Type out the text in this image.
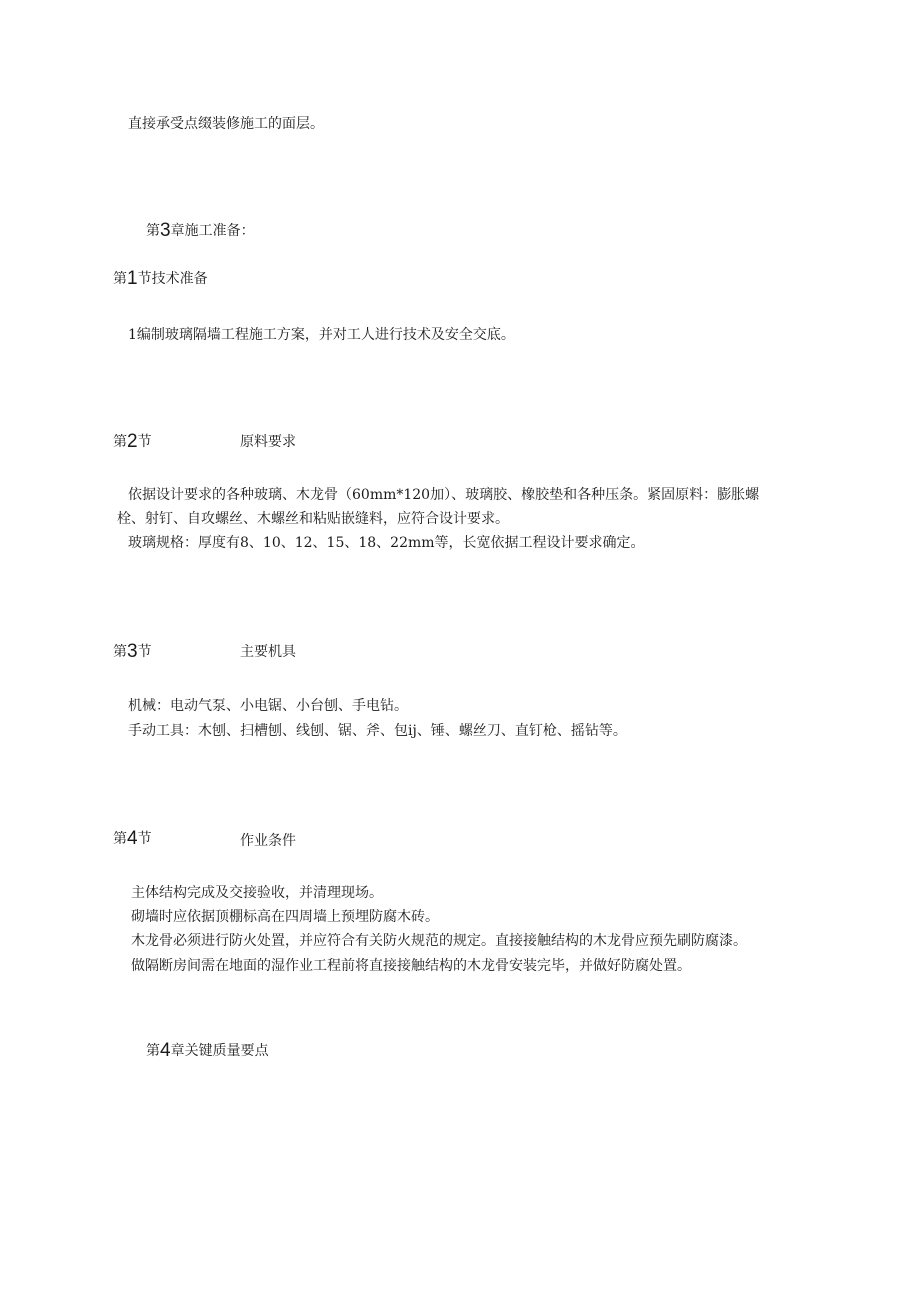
直接承受点缀装修施工的面层。
第3章施工准备：
第1节技术准备
1编制玻璃隔墙工程施工方案，并对工人进行技术及安全交底。
第2节	原料要求
依据设计要求的各种玻璃、木龙骨（60mm*120加）、玻璃胶、橡胶垫和各种压条。紧固原料：膨胀螺
栓、射钉、自攻螺丝、木螺丝和粘贴嵌缝料，应符合设计要求。
玻璃规格：厚度有8、10、12、15、18、22mm等，长宽依据工程设计要求确定。
第3节	主要机具
机械：电动气泵、小电锯、小台刨、手电钻。
手动工具：木刨、扫槽刨、线刨、锯、斧、包ij、锤、螺丝刀、直钉枪、摇钻等。
第4节	作业条件
主体结构完成及交接验收，并清理现场。
砌墙时应依据顶棚标高在四周墙上预埋防腐木砖。
木龙骨必须进行防火处置，并应符合有关防火规范的规定。直接接触结构的木龙骨应预先刷防腐漆。
做隔断房间需在地面的湿作业工程前将直接接触结构的木龙骨安装完毕，并做好防腐处置。
第4章关键质量要点
